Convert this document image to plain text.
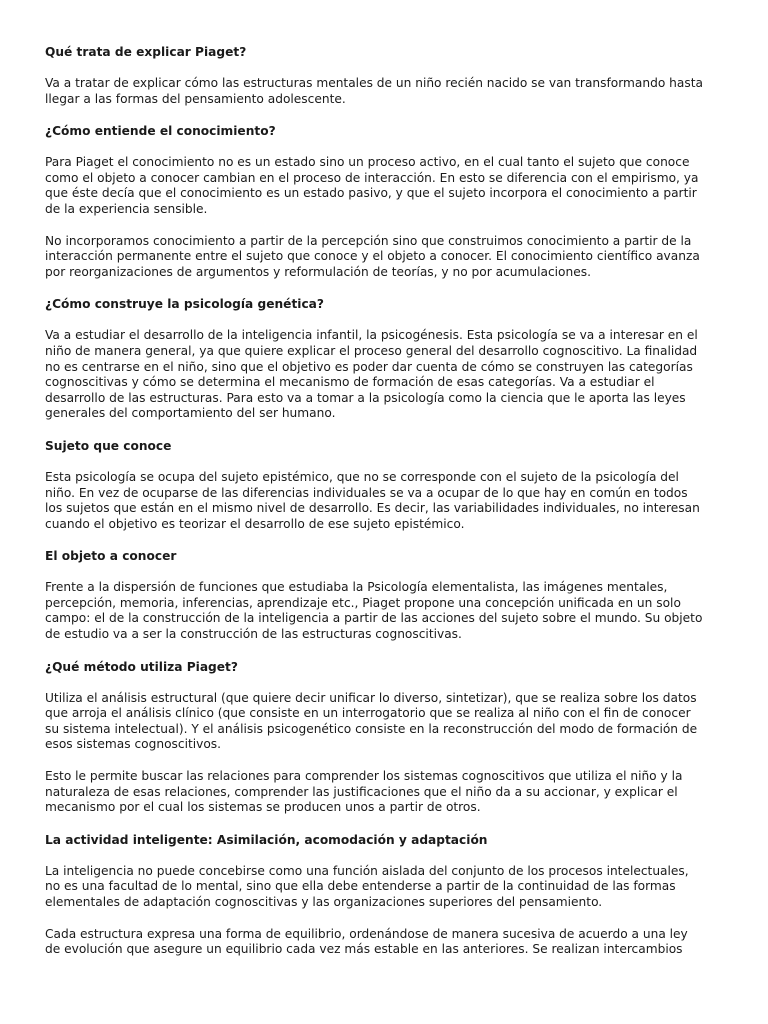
Qué trata de explicar Piaget?
Va a tratar de explicar cómo las estructuras mentales de un niño recién nacido se van transformando hasta
llegar a las formas del pensamiento adolescente.
¿Cómo entiende el conocimiento?
Para Piaget el conocimiento no es un estado sino un proceso activo, en el cual tanto el sujeto que conoce
como el objeto a conocer cambian en el proceso de interacción. En esto se diferencia con el empirismo, ya
que éste decía que el conocimiento es un estado pasivo, y que el sujeto incorpora el conocimiento a partir
de la experiencia sensible.
No incorporamos conocimiento a partir de la percepción sino que construimos conocimiento a partir de la
interacción permanente entre el sujeto que conoce y el objeto a conocer. El conocimiento científico avanza
por reorganizaciones de argumentos y reformulación de teorías, y no por acumulaciones.
¿Cómo construye la psicología genética?
Va a estudiar el desarrollo de la inteligencia infantil, la psicogénesis. Esta psicología se va a interesar en el
niño de manera general, ya que quiere explicar el proceso general del desarrollo cognoscitivo. La finalidad
no es centrarse en el niño, sino que el objetivo es poder dar cuenta de cómo se construyen las categorías
cognoscitivas y cómo se determina el mecanismo de formación de esas categorías. Va a estudiar el
desarrollo de las estructuras. Para esto va a tomar a la psicología como la ciencia que le aporta las leyes
generales del comportamiento del ser humano.
Sujeto que conoce
Esta psicología se ocupa del sujeto epistémico, que no se corresponde con el sujeto de la psicología del
niño. En vez de ocuparse de las diferencias individuales se va a ocupar de lo que hay en común en todos
los sujetos que están en el mismo nivel de desarrollo. Es decir, las variabilidades individuales, no interesan
cuando el objetivo es teorizar el desarrollo de ese sujeto epistémico.
El objeto a conocer
Frente a la dispersión de funciones que estudiaba la Psicología elementalista, las imágenes mentales,
percepción, memoria, inferencias, aprendizaje etc., Piaget propone una concepción unificada en un solo
campo: el de la construcción de la inteligencia a partir de las acciones del sujeto sobre el mundo. Su objeto
de estudio va a ser la construcción de las estructuras cognoscitivas.
¿Qué método utiliza Piaget?
Utiliza el análisis estructural (que quiere decir unificar lo diverso, sintetizar), que se realiza sobre los datos
que arroja el análisis clínico (que consiste en un interrogatorio que se realiza al niño con el fin de conocer
su sistema intelectual). Y el análisis psicogenético consiste en la reconstrucción del modo de formación de
esos sistemas cognoscitivos.
Esto le permite buscar las relaciones para comprender los sistemas cognoscitivos que utiliza el niño y la
naturaleza de esas relaciones, comprender las justificaciones que el niño da a su accionar, y explicar el
mecanismo por el cual los sistemas se producen unos a partir de otros.
La actividad inteligente: Asimilación, acomodación y adaptación
La inteligencia no puede concebirse como una función aislada del conjunto de los procesos intelectuales,
no es una facultad de lo mental, sino que ella debe entenderse a partir de la continuidad de las formas
elementales de adaptación cognoscitivas y las organizaciones superiores del pensamiento.
Cada estructura expresa una forma de equilibrio, ordenándose de manera sucesiva de acuerdo a una ley
de evolución que asegure un equilibrio cada vez más estable en las anteriores. Se realizan intercambios
